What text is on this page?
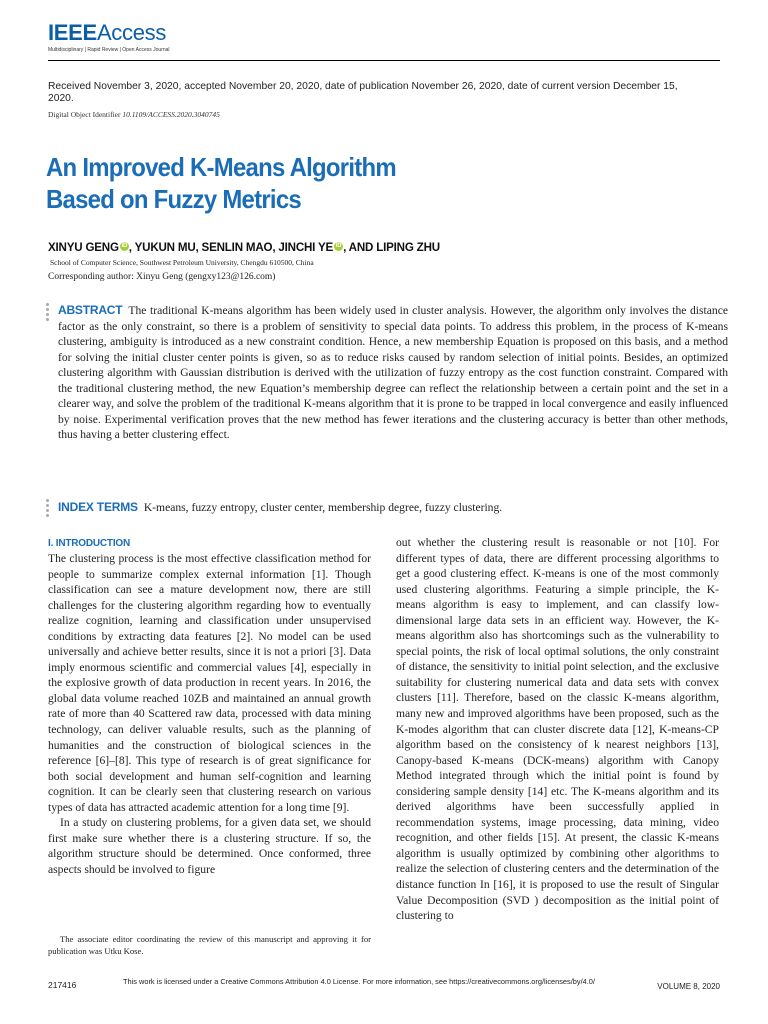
IEEEAccess
Multidisciplinary | Rapid Review | Open Access Journal
Received November 3, 2020, accepted November 20, 2020, date of publication November 26, 2020, date of current version December 15, 2020.
Digital Object Identifier 10.1109/ACCESS.2020.3040745
An Improved K-Means Algorithm
Based on Fuzzy Metrics
XINYU GENG iD , YUKUN MU, SENLIN MAO, JINCHI YE iD , AND LIPING ZHU
School of Computer Science, Southwest Petroleum University, Chengdu 610500, China
Corresponding author: Xinyu Geng (gengxy123@126.com)
ABSTRACT The traditional K-means algorithm has been widely used in cluster analysis. However, the algorithm only involves the distance factor as the only constraint, so there is a problem of sensitivity to special data points. To address this problem, in the process of K-means clustering, ambiguity is introduced as a new constraint condition. Hence, a new membership Equation is proposed on this basis, and a method for solving the initial cluster center points is given, so as to reduce risks caused by random selection of initial points. Besides, an optimized clustering algorithm with Gaussian distribution is derived with the utilization of fuzzy entropy as the cost function constraint. Compared with the traditional clustering method, the new Equation’s membership degree can reflect the relationship between a certain point and the set in a clearer way, and solve the problem of the traditional K-means algorithm that it is prone to be trapped in local convergence and easily influenced by noise. Experimental verification proves that the new method has fewer iterations and the clustering accuracy is better than other methods, thus having a better clustering effect.
INDEX TERMS K-means, fuzzy entropy, cluster center, membership degree, fuzzy clustering.
I. INTRODUCTION

The clustering process is the most effective classification method for people to summarize complex external information [1]. Though classification can see a mature development now, there are still challenges for the clustering algorithm regarding how to eventually realize cognition, learning and classification under unsupervised conditions by extracting data features [2]. No model can be used universally and achieve better results, since it is not a priori [3]. Data imply enormous scientific and commercial values [4], especially in the explosive growth of data production in recent years. In 2016, the global data volume reached 10ZB and maintained an annual growth rate of more than 40 Scattered raw data, processed with data mining technology, can deliver valuable results, such as the planning of humanities and the construction of biological sciences in the reference [6]–[8]. This type of research is of great significance for both social development and human self-cognition and learning cognition. It can be clearly seen that clustering research on various types of data has attracted academic attention for a long time [9].

In a study on clustering problems, for a given data set, we should first make sure whether there is a clustering structure. If so, the algorithm structure should be determined. Once conformed, three aspects should be involved to figure

out whether the clustering result is reasonable or not [10]. For different types of data, there are different processing algorithms to get a good clustering effect. K-means is one of the most commonly used clustering algorithms. Featuring a simple principle, the K-means algorithm is easy to implement, and can classify low-dimensional large data sets in an efficient way. However, the K-means algorithm also has shortcomings such as the vulnerability to special points, the risk of local optimal solutions, the only constraint of distance, the sensitivity to initial point selection, and the exclusive suitability for clustering numerical data and data sets with convex clusters [11]. Therefore, based on the classic K-means algorithm, many new and improved algorithms have been proposed, such as the K-modes algorithm that can cluster discrete data [12], K-means-CP algorithm based on the consistency of k nearest neighbors [13], Canopy-based K-means (DCK-means) algorithm with Canopy Method integrated through which the initial point is found by considering sample density [14] etc. The K-means algorithm and its derived algorithms have been successfully applied in recommendation systems, image processing, data mining, video recognition, and other fields [15]. At present, the classic K-means algorithm is usually optimized by combining other algorithms to realize the selection of clustering centers and the determination of the distance function In [16], it is proposed to use the result of Singular Value Decomposition (SVD ) decomposition as the initial point of clustering to

The associate editor coordinating the review of this manuscript and approving it for publication was Utku Kose.
217416	This work is licensed under a Creative Commons Attribution 4.0 License. For more information, see https://creativecommons.org/licenses/by/4.0/
VOLUME 8, 2020
